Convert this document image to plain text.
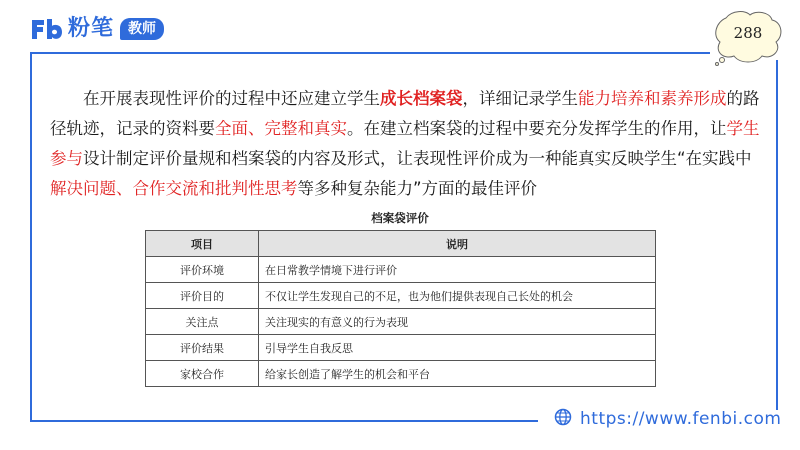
粉笔	教师	288

在开展表现性评价的过程中还应建立学生成长档案袋，详细记录学生能力培养和素养形成的路径轨迹，记录的资料要全面、完整和真实。在建立档案袋的过程中要充分发挥学生的作用，让学生参与设计制定评价量规和档案袋的内容及形式，让表现性评价成为一种能真实反映学生“在实践中解决问题、合作交流和批判性思考等多种复杂能力”方面的最佳评价

档案袋评价
项目	说明
评价环境	在日常教学情境下进行评价
评价目的	不仅让学生发现自己的不足，也为他们提供表现自己长处的机会
关注点	关注现实的有意义的行为表现
评价结果	引导学生自我反思
家校合作	给家长创造了解学生的机会和平台
https://www.fenbi.com
